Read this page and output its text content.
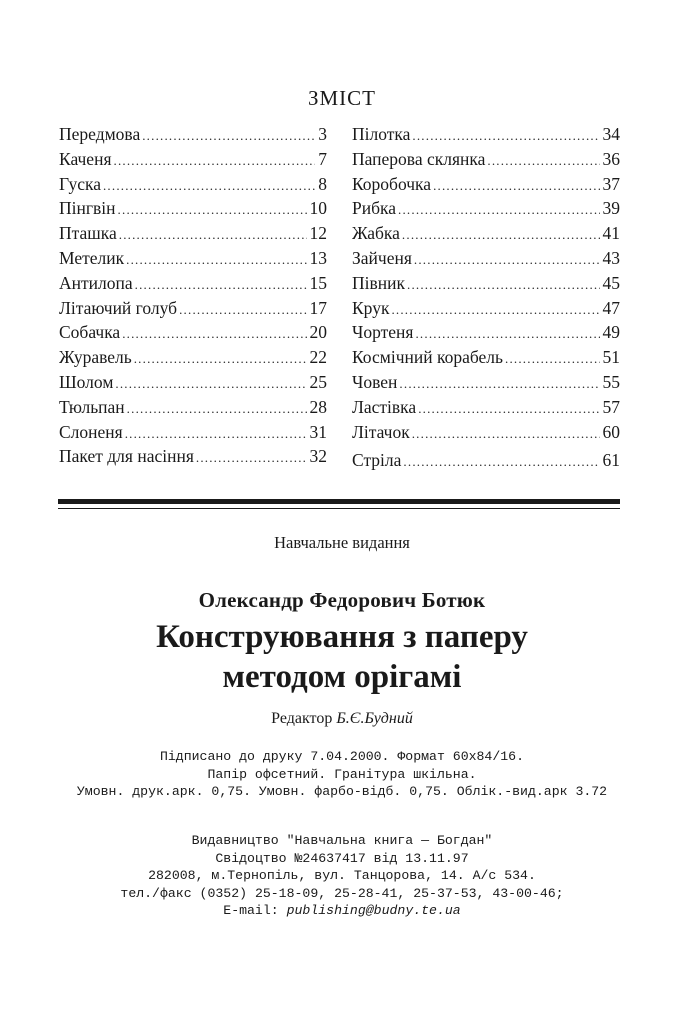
ЗМІСТ
Передмова .....	3
Каченя .....	7
Гуска .....	8
Пінгвін .....	10
Пташка .....	12
Метелик .....	13
Антилопа .....	15
Літаючий голуб .....	17
Собачка .....	20
Журавель .....	22
Шолом .....	25
Тюльпан .....	28
Слоненя .....	31
Пакет для насіння .....	32
Пілотка .....	34
Паперова склянка .....	36
Коробочка .....	37
Рибка .....	39
Жабка .....	41
Зайченя .....	43
Півник .....	45
Крук .....	47
Чортеня .....	49
Космічний корабель .....	51
Човен .....	55
Ластівка .....	57
Літачок .....	60
Стріла .....	61
Навчальне видання
Олександр Федорович Ботюк
Конструювання з паперу
методом орігамі
Редактор Б.Є.Будний
Підписано до друку 7.04.2000. Формат 60x84/16.
Папір офсетний. Гранітура шкільна.
Умовн. друк.арк. 0,75. Умовн. фарбо-відб. 0,75. Облік.-вид.арк 3.72
Видавництво "Навчальна книга — Богдан"
Свідоцтво №24637417 від 13.11.97
282008, м.Тернопіль, вул. Танцорова, 14. А/с 534.
тел./факс (0352) 25-18-09, 25-28-41, 25-37-53, 43-00-46;
E-mail: publishing@budny.te.ua
